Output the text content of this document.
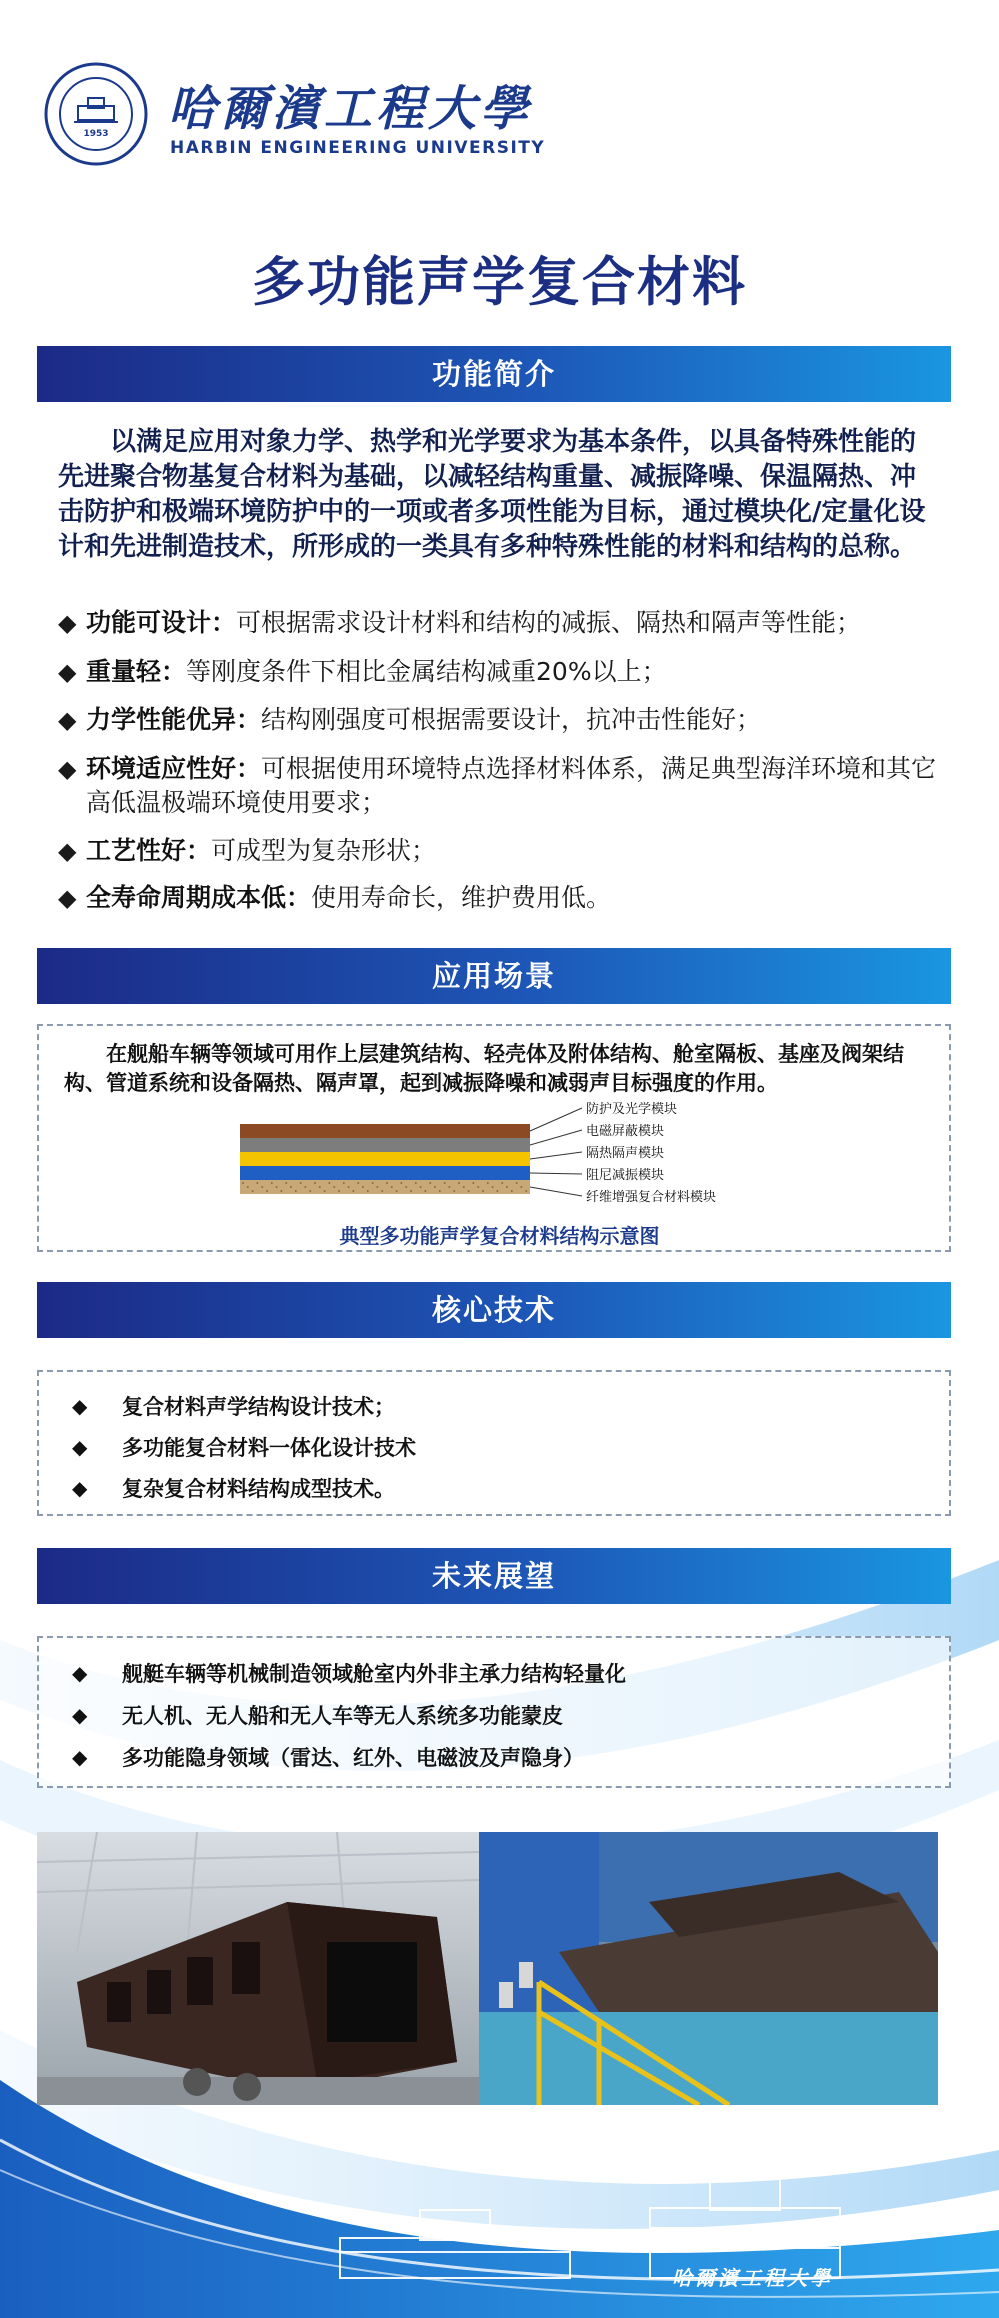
1953 哈爾濱工程大學
HARBIN ENGINEERING UNIVERSITY
多功能声学复合材料
功能简介

以满足应用对象力学、热学和光学要求为基本条件，以具备特殊性能的先进聚合物基复合材料为基础，以减轻结构重量、减振降噪、保温隔热、冲击防护和极端环境防护中的一项或者多项性能为目标，通过模块化/定量化设计和先进制造技术，所形成的一类具有多种特殊性能的材料和结构的总称。

◆ 功能可设计：可根据需求设计材料和结构的减振、隔热和隔声等性能；
◆ 重量轻：等刚度条件下相比金属结构减重20%以上；
◆ 力学性能优异：结构刚强度可根据需要设计，抗冲击性能好；
◆ 环境适应性好：可根据使用环境特点选择材料体系，满足典型海洋环境和其它高低温极端环境使用要求；
◆ 工艺性好：可成型为复杂形状；
◆ 全寿命周期成本低：使用寿命长，维护费用低。
应用场景

在舰船车辆等领域可用作上层建筑结构、轻壳体及附体结构、舱室隔板、基座及阀架结构、管道系统和设备隔热、隔声罩，起到减振降噪和减弱声目标强度的作用。

防护及光学模块
电磁屏蔽模块
隔热隔声模块
阻尼减振模块
纤维增强复合材料模块
典型多功能声学复合材料结构示意图
核心技术
◆	复合材料声学结构设计技术；
◆	多功能复合材料一体化设计技术
◆	复杂复合材料结构成型技术。
未来展望
◆	舰艇车辆等机械制造领域舱室内外非主承力结构轻量化
◆	无人机、无人船和无人车等无人系统多功能蒙皮
◆	多功能隐身领域（雷达、红外、电磁波及声隐身）
哈爾濱工程大學
